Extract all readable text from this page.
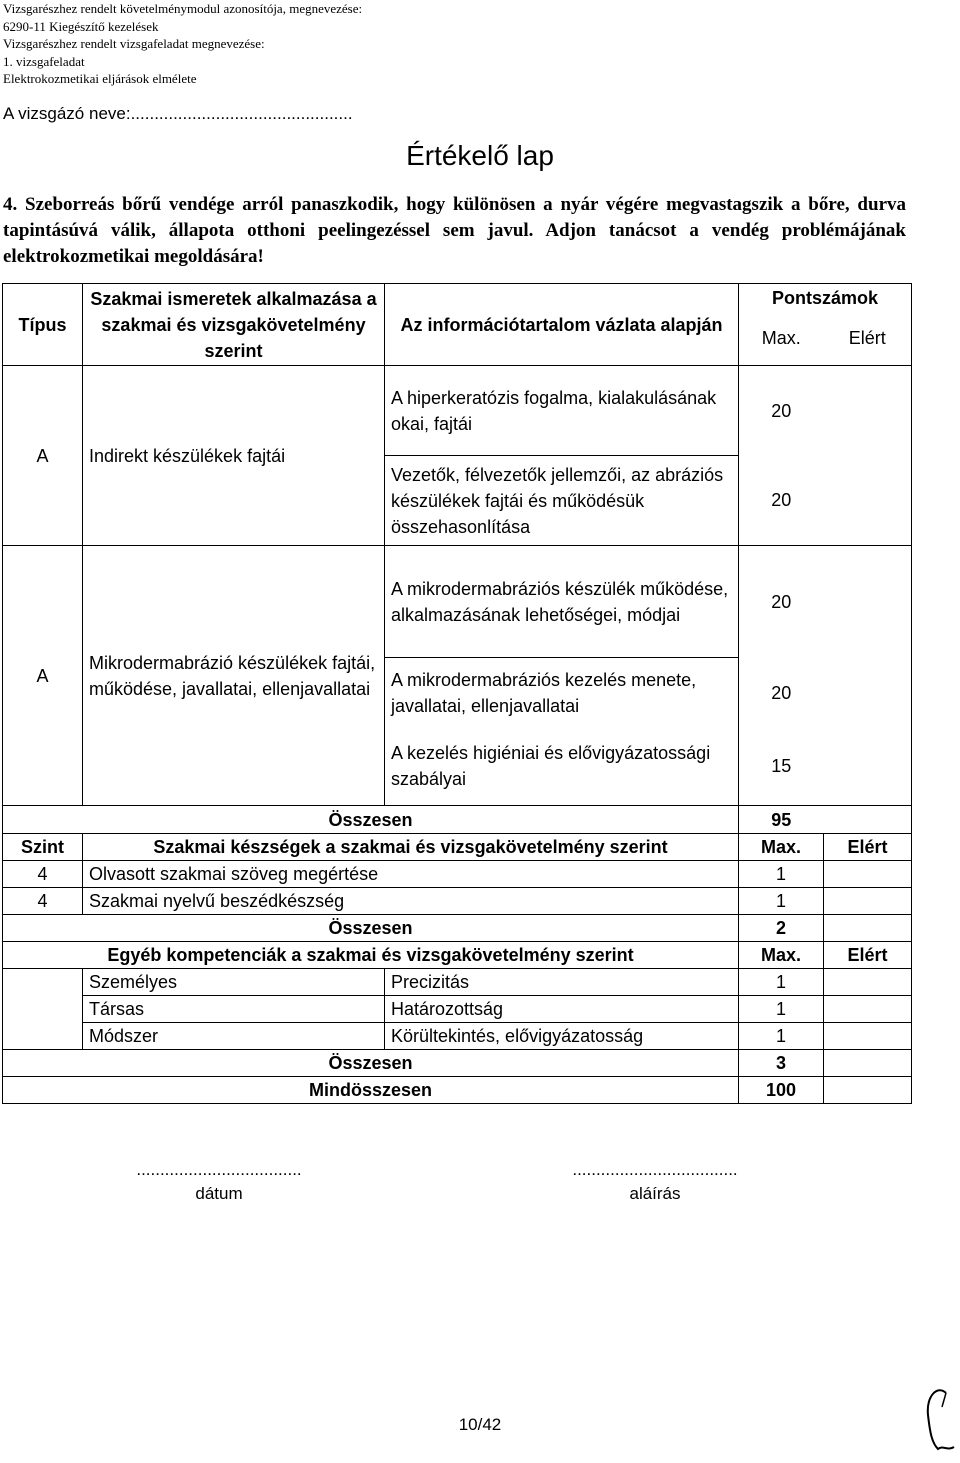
Vizsgarészhez rendelt követelménymodul azonosítója, megnevezése:
6290-11 Kiegészítő kezelések
Vizsgarészhez rendelt vizsgafeladat megnevezése:
1. vizsgafeladat
Elektrokozmetikai eljárások elmélete
A vizsgázó neve:...............................................
Értékelő lap
4. Szeborreás bőrű vendége arról panaszkodik, hogy különösen a nyár végére megvastagszik a bőre, durva tapintásúvá válik, állapota otthoni peelingezéssel sem javul. Adjon tanácsot a vendég problémájának elektrokozmetikai megoldására!
Típus	Szakmai ismeretek alkalmazása a szakmai és vizsgakövetelmény szerint	Az információtartalom vázlata alapján	Pontszámok	
			Max.	Elért
A	Indirekt készülékek fajtái	A hiperkeratózis fogalma, kialakulásának okai, fajtái	20	
		Vezetők, félvezetők jellemzői, az abráziós készülékek fajtái és működésük összehasonlítása	20	
A	Mikrodermabrázió készülékek fajtái, működése, javallatai, ellenjavallatai	A mikrodermabráziós készülék működése, alkalmazásának lehetőségei, módjai	20	
		A mikrodermabráziós kezelés menete, javallatai, ellenjavallatai	20	
		A kezelés higiéniai és elővigyázatossági szabályai	15	
Összesen			95	
Szint	Szakmai készségek a szakmai és vizsgakövetelmény szerint		Max.	Elért
4	Olvasott szakmai szöveg megértése		1	
4	Szakmai nyelvű beszédkészség		1	
Összesen			2	
Egyéb kompetenciák a szakmai és vizsgakövetelmény szerint			Max.	Elért
	Személyes	Precizitás	1	
	Társas	Határozottság	1	
	Módszer	Körültekintés, elővigyázatosság	1	
Összesen			3	
Mindösszesen			100	
...................................
dátum
...................................
aláírás
10/42
